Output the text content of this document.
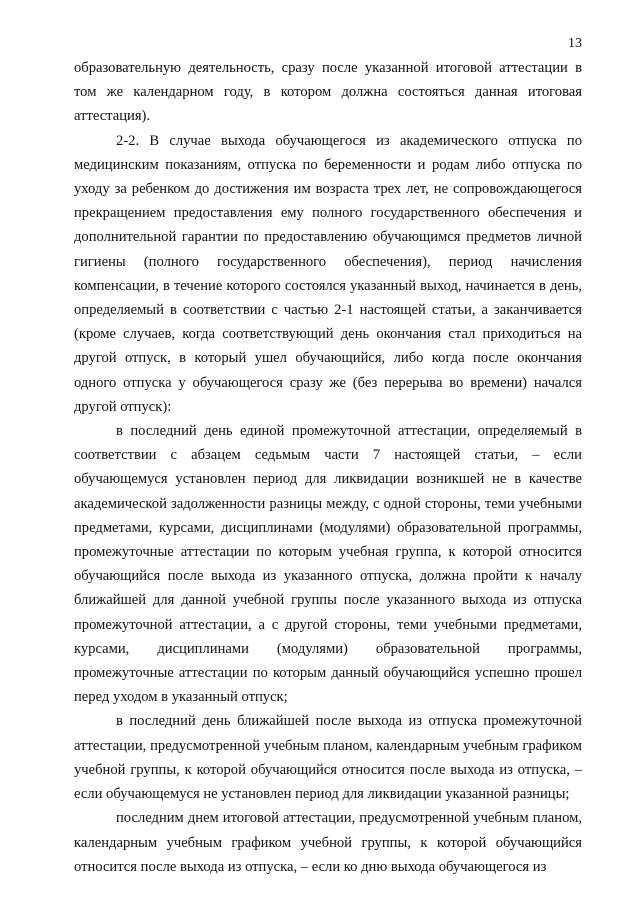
13

образовательную деятельность, сразу после указанной итоговой аттестации в том же календарном году, в котором должна состояться данная итоговая аттестация).

2-2. В случае выхода обучающегося из академического отпуска по медицинским показаниям, отпуска по беременности и родам либо отпуска по уходу за ребенком до достижения им возраста трех лет, не сопровождающегося прекращением предоставления ему полного государственного обеспечения и дополнительной гарантии по предоставлению обучающимся предметов личной гигиены (полного государственного обеспечения), период начисления компенсации, в течение которого состоялся указанный выход, начинается в день, определяемый в соответствии с частью 2-1 настоящей статьи, а заканчивается (кроме случаев, когда соответствующий день окончания стал приходиться на другой отпуск, в который ушел обучающийся, либо когда после окончания одного отпуска у обучающегося сразу же (без перерыва во времени) начался другой отпуск):

в последний день единой промежуточной аттестации, определяемый в соответствии с абзацем седьмым части 7 настоящей статьи, – если обучающемуся установлен период для ликвидации возникшей не в качестве академической задолженности разницы между, с одной стороны, теми учебными предметами, курсами, дисциплинами (модулями) образовательной программы, промежуточные аттестации по которым учебная группа, к которой относится обучающийся после выхода из указанного отпуска, должна пройти к началу ближайшей для данной учебной группы после указанного выхода из отпуска промежуточной аттестации, а с другой стороны, теми учебными предметами, курсами, дисциплинами (модулями) образовательной программы, промежуточные аттестации по которым данный обучающийся успешно прошел перед уходом в указанный отпуск;

в последний день ближайшей после выхода из отпуска промежуточной аттестации, предусмотренной учебным планом, календарным учебным графиком учебной группы, к которой обучающийся относится после выхода из отпуска, – если обучающемуся не установлен период для ликвидации указанной разницы;

последним днем итоговой аттестации, предусмотренной учебным планом, календарным учебным графиком учебной группы, к которой обучающийся относится после выхода из отпуска, – если ко дню выхода обучающегося из
